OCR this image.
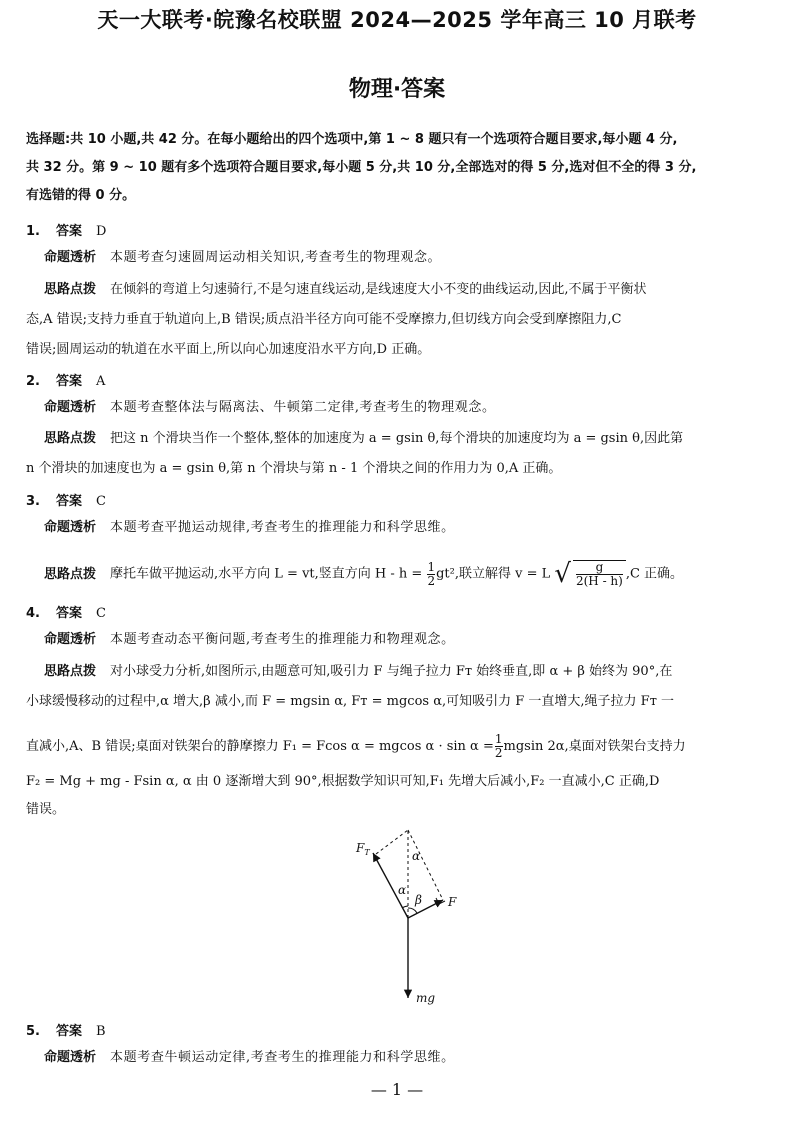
天一大联考·皖豫名校联盟 2024—2025 学年高三 10 月联考
物理·答案
选择题:共 10 小题,共 42 分。在每小题给出的四个选项中,第 1 ~ 8 题只有一个选项符合题目要求,每小题 4 分,
共 32 分。第 9 ~ 10 题有多个选项符合题目要求,每小题 5 分,共 10 分,全部选对的得 5 分,选对但不全的得 3 分,
有选错的得 0 分。
1. 答案 D
命题透析 本题考查匀速圆周运动相关知识,考查考生的物理观念。
思路点拨 在倾斜的弯道上匀速骑行,不是匀速直线运动,是线速度大小不变的曲线运动,因此,不属于平衡状
态,A 错误;支持力垂直于轨道向上,B 错误;质点沿半径方向可能不受摩擦力,但切线方向会受到摩擦阻力,C
错误;圆周运动的轨道在水平面上,所以向心加速度沿水平方向,D 正确。
2. 答案 A
命题透析 本题考查整体法与隔离法、牛顿第二定律,考查考生的物理观念。
思路点拨 把这 n 个滑块当作一个整体,整体的加速度为 a = gsin θ,每个滑块的加速度均为 a = gsin θ,因此第
n 个滑块的加速度也为 a = gsin θ,第 n 个滑块与第 n - 1 个滑块之间的作用力为 0,A 正确。
3. 答案 C
命题透析 本题考查平抛运动规律,考查考生的推理能力和科学思维。
思路点拨 摩托车做平抛运动,水平方向 L = vt,竖直方向 $H - h = \frac{1}{2} gt^2$,联立解得 v = L √ $\frac{g}{2(H - h)} ,C$ 正确。
4. 答案 C
命题透析 本题考查动态平衡问题,考查考生的推理能力和物理观念。
思路点拨 对小球受力分析,如图所示,由题意可知,吸引力 F 与绳子拉力 Fᴛ 始终垂直,即 α + β 始终为 90°,在
小球缓慢移动的过程中,α 增大,β 减小,而 F = mgsin α, Fᴛ = mgcos α,可知吸引力 F 一直增大,绳子拉力 Fᴛ 一
直减小,A、B 错误;桌面对铁架台的静摩擦力 F₁ = Fcos α = mgcos $\alpha \cdot \sin \alpha = \frac{1}{2}$ mgsin 2α,桌面对铁架台支持力
F₂ = Mg + mg - Fsin α, α 由 0 逐渐增大到 90°,根据数学知识可知,F₁ 先增大后减小,F₂ 一直减小,C 正确,D
错误。
$F_T$	α
α
β F
mg
5. 答案 B
命题透析 本题考查牛顿运动定律,考查考生的推理能力和科学思维。
— 1 —
